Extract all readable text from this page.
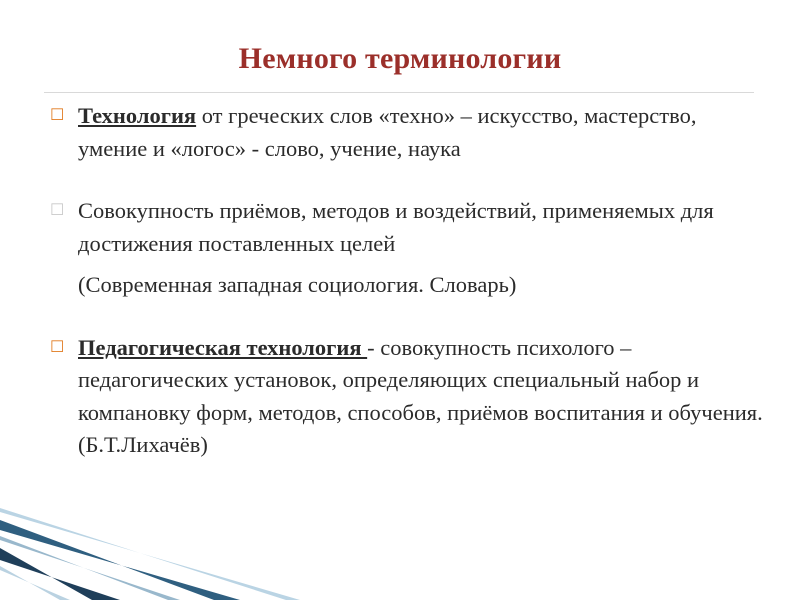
Немного терминологии
☐ Технология от греческих слов «техно» – искусство, мастерство, умение и «логос» - слово, учение, наука
☐ Совокупность приёмов, методов и воздействий, применяемых для достижения поставленных целей
(Современная западная социология. Словарь)
☐ Педагогическая технология - совокупность психолого – педагогических установок, определяющих специальный набор и компановку форм, методов, способов, приёмов воспитания и обучения. (Б.Т.Лихачёв)
